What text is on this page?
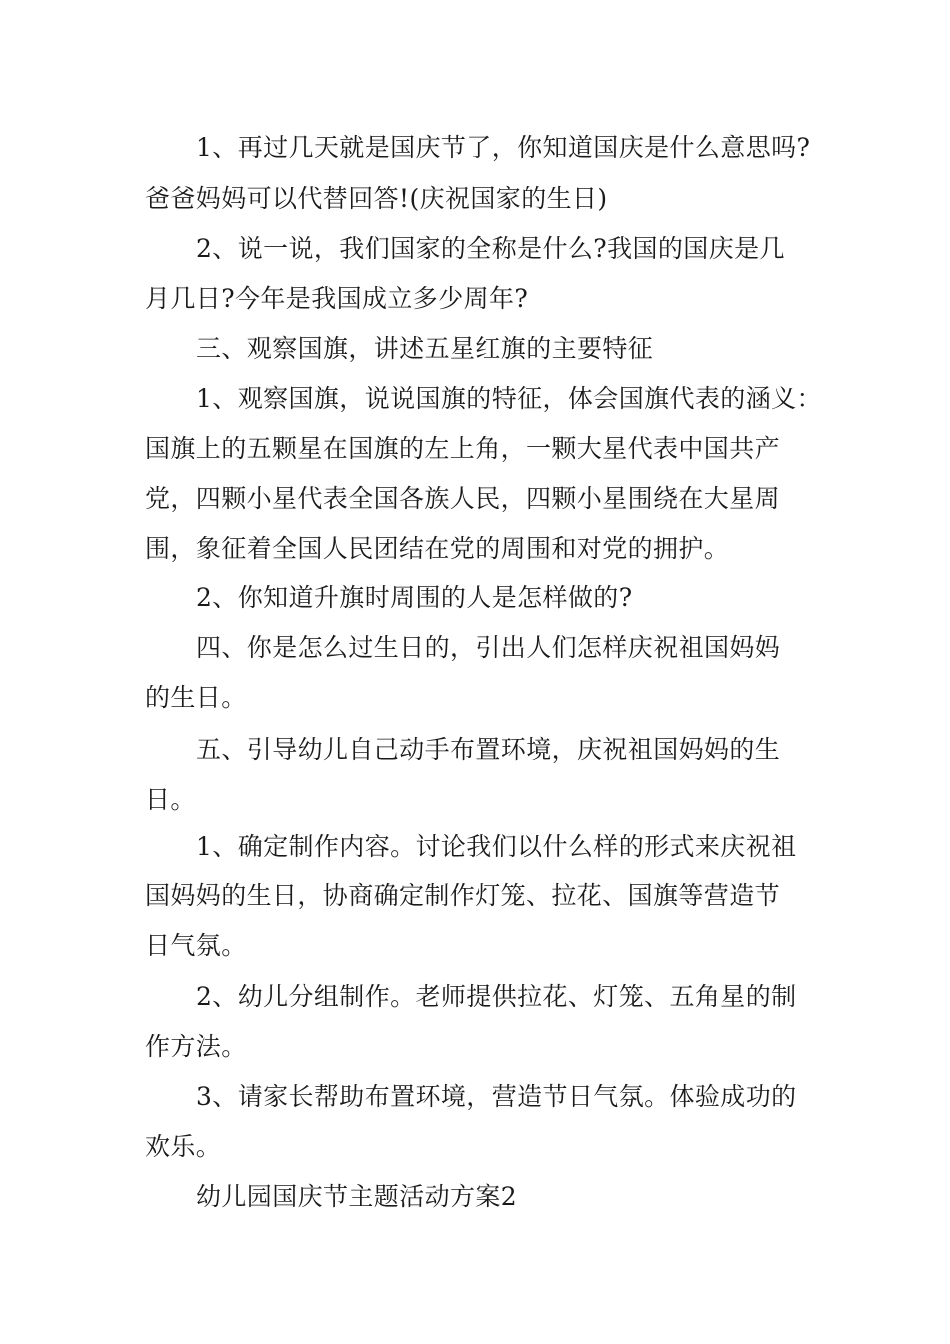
1、再过几天就是国庆节了，你知道国庆是什么意思吗?
爸爸妈妈可以代替回答!(庆祝国家的生日)
2、说一说，我们国家的全称是什么?我国的国庆是几
月几日?今年是我国成立多少周年?
三、观察国旗，讲述五星红旗的主要特征
1、观察国旗，说说国旗的特征，体会国旗代表的涵义：
国旗上的五颗星在国旗的左上角，一颗大星代表中国共产
党，四颗小星代表全国各族人民，四颗小星围绕在大星周
围，象征着全国人民团结在党的周围和对党的拥护。
2、你知道升旗时周围的人是怎样做的?
四、你是怎么过生日的，引出人们怎样庆祝祖国妈妈
的生日。
五、引导幼儿自己动手布置环境，庆祝祖国妈妈的生
日。
1、确定制作内容。讨论我们以什么样的形式来庆祝祖
国妈妈的生日，协商确定制作灯笼、拉花、国旗等营造节
日气氛。
2、幼儿分组制作。老师提供拉花、灯笼、五角星的制
作方法。
3、请家长帮助布置环境，营造节日气氛。体验成功的
欢乐。
幼儿园国庆节主题活动方案2
